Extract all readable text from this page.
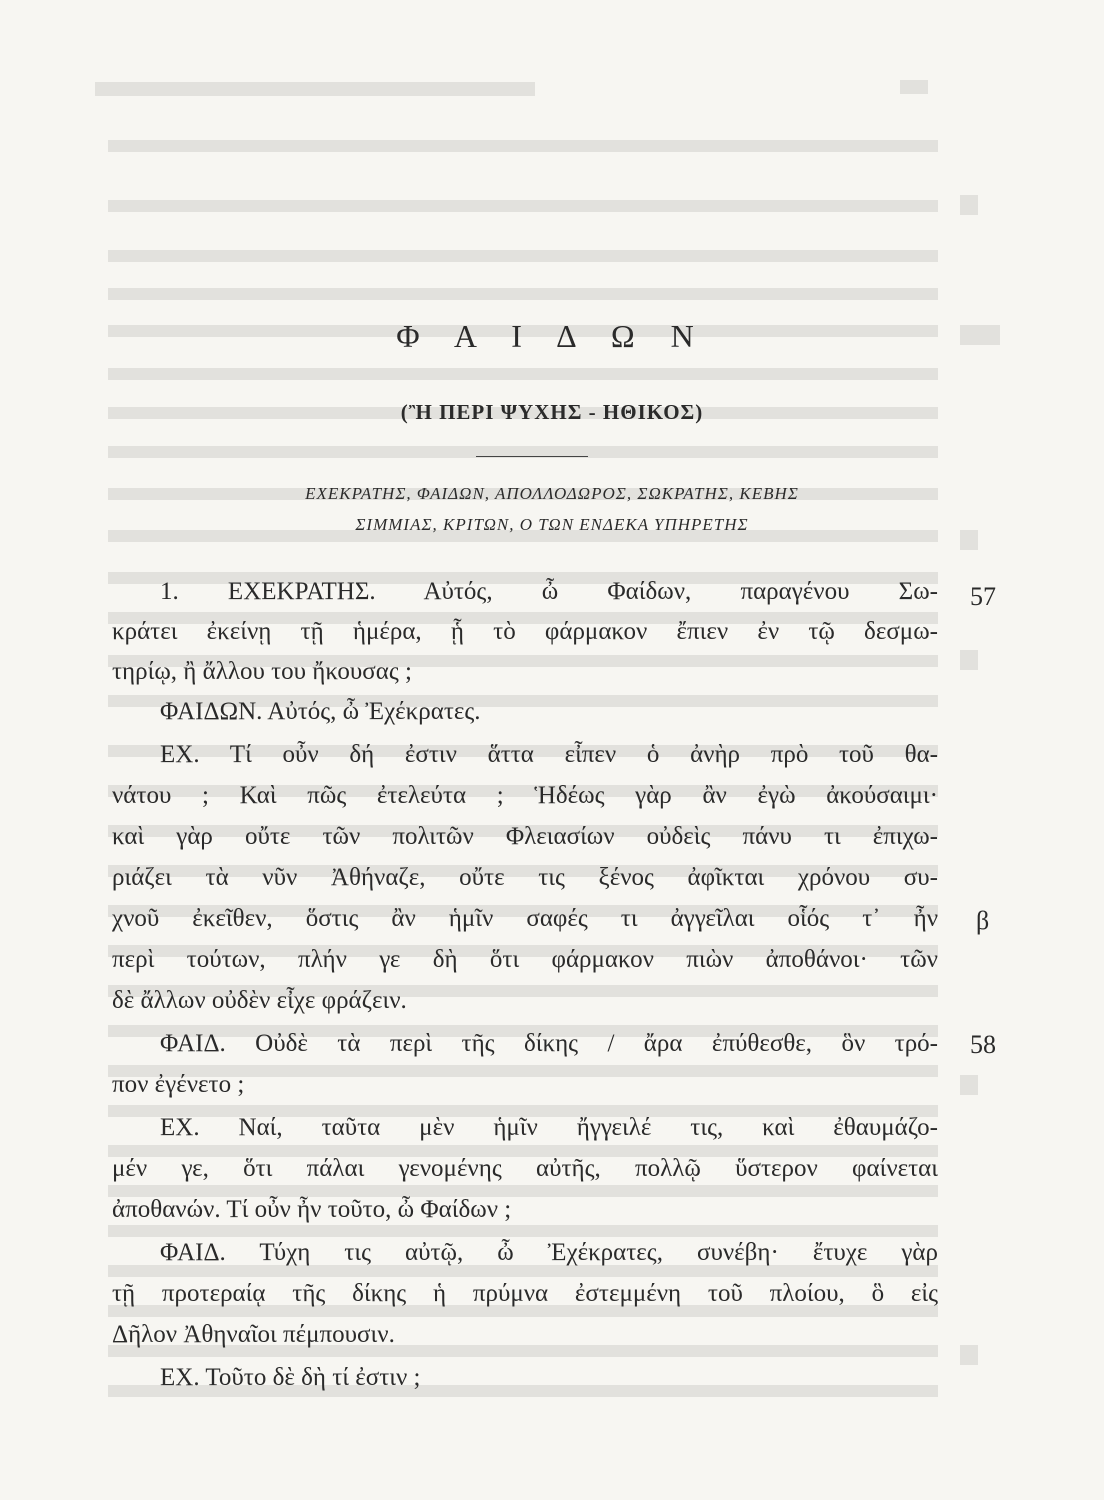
Φ Α Ι Δ Ω Ν
(Ἢ ΠΕΡΙ ΨΥΧΗΣ - ΗΘΙΚΟΣ)
ΕΧΕΚΡΑΤΗΣ, ΦΑΙΔΩΝ, ΑΠΟΛΛΟΔΩΡΟΣ, ΣΩΚΡΑΤΗΣ, ΚΕΒΗΣ
ΣΙΜΜΙΑΣ, ΚΡΙΤΩΝ, Ο ΤΩΝ ΕΝΔΕΚΑ ΥΠΗΡΕΤΗΣ
1. ΕΧΕΚΡΑΤΗΣ. Αὐτός, ὦ Φαίδων, παραγένου Σω-
κράτει ἐκείνῃ τῇ ἡμέρα, ᾗ τὸ φάρμακον ἔπιεν ἐν τῷ δεσμω-
τηρίῳ, ἢ ἄλλου του ἤκουσας ;
ΦΑΙΔΩΝ. Αὐτός, ὦ Ἐχέκρατες.
ΕΧ. Τί οὖν δή ἐστιν ἅττα εἶπεν ὁ ἀνὴρ πρὸ τοῦ θα-
νάτου ; Καὶ πῶς ἐτελεύτα ; Ἡδέως γὰρ ἂν ἐγὼ ἀκούσαιμι·
καὶ γὰρ οὔτε τῶν πολιτῶν Φλειασίων οὐδεὶς πάνυ τι ἐπιχω-
ριάζει τὰ νῦν Ἀθήναζε, οὔτε τις ξένος ἀφῖκται χρόνου συ-
χνοῦ ἐκεῖθεν, ὅστις ἂν ἡμῖν σαφές τι ἀγγεῖλαι οἷός τ᾽ ἦν
περὶ τούτων, πλήν γε δὴ ὅτι φάρμακον πιὼν ἀποθάνοι· τῶν
δὲ ἄλλων οὐδὲν εἶχε φράζειν.
ΦΑΙΔ. Οὐδὲ τὰ περὶ τῆς δίκης / ἄρα ἐπύθεσθε, ὃν τρό-
πον ἐγένετο ;
ΕΧ. Ναί, ταῦτα μὲν ἡμῖν ἤγγειλέ τις, καὶ ἐθαυμάζο-
μέν γε, ὅτι πάλαι γενομένης αὐτῆς, πολλῷ ὕστερον φαίνεται
ἀποθανών. Τί οὖν ἦν τοῦτο, ὦ Φαίδων ;
ΦΑΙΔ. Τύχη τις αὐτῷ, ὦ Ἐχέκρατες, συνέβη· ἔτυχε γὰρ
τῇ προτεραίᾳ τῆς δίκης ἡ πρύμνα ἐστεμμένη τοῦ πλοίου, ὃ εἰς
Δῆλον Ἀθηναῖοι πέμπουσιν.
ΕΧ. Τοῦτο δὲ δὴ τί ἐστιν ;
57
β
58
